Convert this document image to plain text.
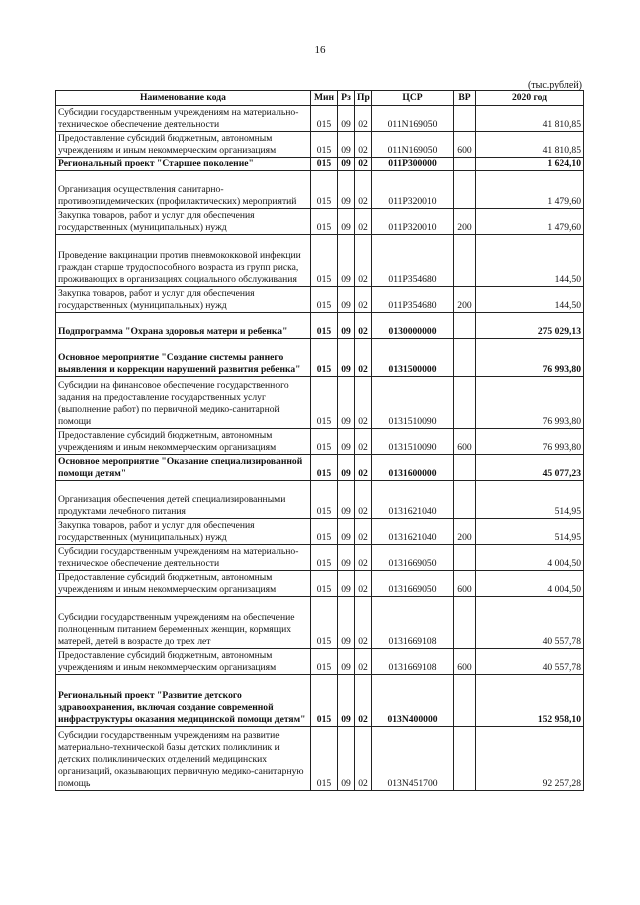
16
(тыс.рублей)
Наименование кода	Мин	Рз	Пр	ЦСР	ВР	2020 год
Субсидии государственным учреждениям на материально-техническое обеспечение деятельности	015	09	02	011N169050		41 810,85
Предоставление субсидий бюджетным, автономным учреждениям и иным некоммерческим организациям	015	09	02	011N169050	600	41 810,85
Региональный проект "Старшее поколение"	015	09	02	011P300000		1 624,10
Организация осуществления санитарно-противоэпидемических (профилактических) мероприятий	015	09	02	011P320010		1 479,60
Закупка товаров, работ и услуг для обеспечения государственных (муниципальных) нужд	015	09	02	011P320010	200	1 479,60
Проведение вакцинации против пневмококковой инфекции граждан старше трудоспособного возраста из групп риска, проживающих в организациях социального обслуживания	015	09	02	011P354680		144,50
Закупка товаров, работ и услуг для обеспечения государственных (муниципальных) нужд	015	09	02	011P354680	200	144,50
Подпрограмма "Охрана здоровья матери и ребенка"	015	09	02	0130000000		275 029,13
Основное мероприятие "Создание системы раннего выявления и коррекции нарушений развития ребенка"	015	09	02	0131500000		76 993,80
Субсидии на финансовое обеспечение государственного задания на предоставление государственных услуг (выполнение работ) по первичной медико-санитарной помощи	015	09	02	0131510090		76 993,80
Предоставление субсидий бюджетным, автономным учреждениям и иным некоммерческим организациям	015	09	02	0131510090	600	76 993,80
Основное мероприятие "Оказание специализированной помощи детям"	015	09	02	0131600000		45 077,23
Организация обеспечения детей специализированными продуктами лечебного питания	015	09	02	0131621040		514,95
Закупка товаров, работ и услуг для обеспечения государственных (муниципальных) нужд	015	09	02	0131621040	200	514,95
Субсидии государственным учреждениям на материально-техническое обеспечение деятельности	015	09	02	0131669050		4 004,50
Предоставление субсидий бюджетным, автономным учреждениям и иным некоммерческим организациям	015	09	02	0131669050	600	4 004,50
Субсидии государственным учреждениям на обеспечение полноценным питанием беременных женщин, кормящих матерей, детей в возрасте до трех лет	015	09	02	0131669108		40 557,78
Предоставление субсидий бюджетным, автономным учреждениям и иным некоммерческим организациям	015	09	02	0131669108	600	40 557,78
Региональный проект "Развитие детского здравоохранения, включая создание современной инфраструктуры оказания медицинской помощи детям"	015	09	02	013N400000		152 958,10
Субсидии государственным учреждениям на развитие материально-технической базы детских поликлиник и детских поликлинических отделений медицинских организаций, оказывающих первичную медико-санитарную помощь	015	09	02	013N451700		92 257,28
